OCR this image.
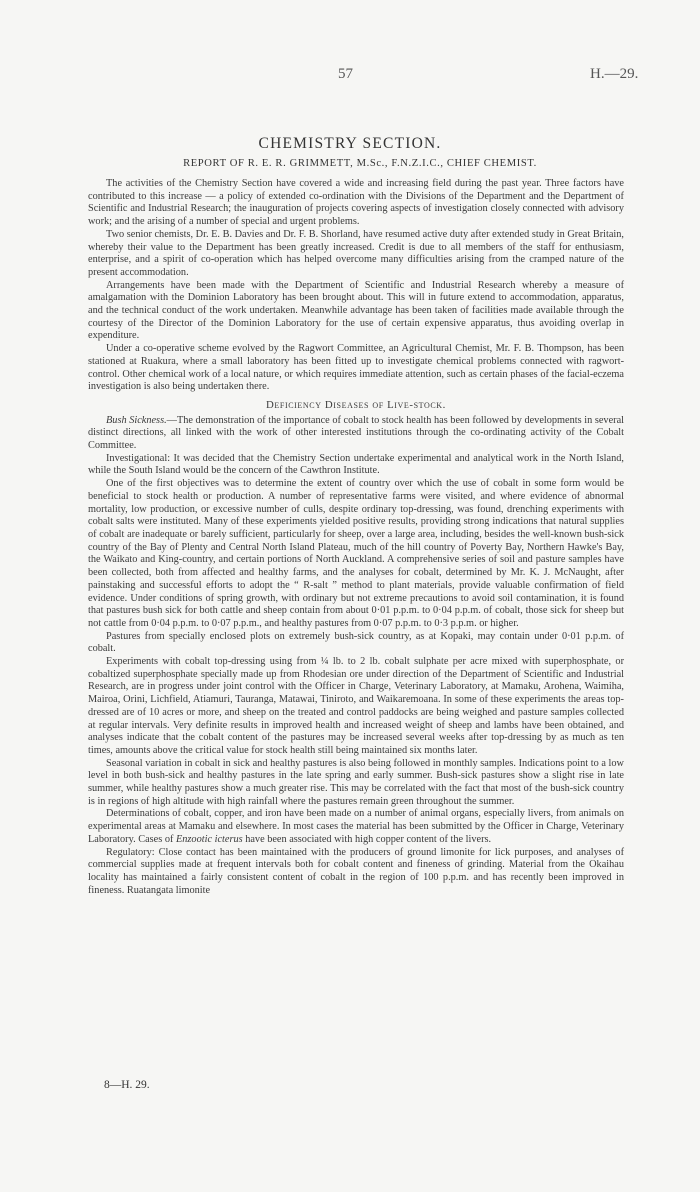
57	H.—29.
CHEMISTRY SECTION.
REPORT OF R. E. R. GRIMMETT, M.Sc., F.N.Z.I.C., CHIEF CHEMIST.

The activities of the Chemistry Section have covered a wide and increasing field during the past year. Three factors have contributed to this increase — a policy of extended co-ordination with the Divisions of the Department and the Department of Scientific and Industrial Research; the inauguration of projects covering aspects of investigation closely connected with advisory work; and the arising of a number of special and urgent problems.

Two senior chemists, Dr. E. B. Davies and Dr. F. B. Shorland, have resumed active duty after extended study in Great Britain, whereby their value to the Department has been greatly increased. Credit is due to all members of the staff for enthusiasm, enterprise, and a spirit of co-operation which has helped overcome many difficulties arising from the cramped nature of the present accommodation.

Arrangements have been made with the Department of Scientific and Industrial Research whereby a measure of amalgamation with the Dominion Laboratory has been brought about. This will in future extend to accommodation, apparatus, and the technical conduct of the work undertaken. Meanwhile advantage has been taken of facilities made available through the courtesy of the Director of the Dominion Laboratory for the use of certain expensive apparatus, thus avoiding overlap in expenditure.

Under a co-operative scheme evolved by the Ragwort Committee, an Agricultural Chemist, Mr. F. B. Thompson, has been stationed at Ruakura, where a small laboratory has been fitted up to investigate chemical problems connected with ragwort-control. Other chemical work of a local nature, or which requires immediate attention, such as certain phases of the facial-eczema investigation is also being undertaken there.

Deficiency Diseases of Live-stock.

Bush Sickness.—The demonstration of the importance of cobalt to stock health has been followed by developments in several distinct directions, all linked with the work of other interested institutions through the co-ordinating activity of the Cobalt Committee.

Investigational: It was decided that the Chemistry Section undertake experimental and analytical work in the North Island, while the South Island would be the concern of the Cawthron Institute.

One of the first objectives was to determine the extent of country over which the use of cobalt in some form would be beneficial to stock health or production. A number of representative farms were visited, and where evidence of abnormal mortality, low production, or excessive number of culls, despite ordinary top-dressing, was found, drenching experiments with cobalt salts were instituted. Many of these experiments yielded positive results, providing strong indications that natural supplies of cobalt are inadequate or barely sufficient, particularly for sheep, over a large area, including, besides the well-known bush-sick country of the Bay of Plenty and Central North Island Plateau, much of the hill country of Poverty Bay, Northern Hawke's Bay, the Waikato and King-country, and certain portions of North Auckland. A comprehensive series of soil and pasture samples have been collected, both from affected and healthy farms, and the analyses for cobalt, determined by Mr. K. J. McNaught, after painstaking and successful efforts to adopt the “ R-salt ” method to plant materials, provide valuable confirmation of field evidence. Under conditions of spring growth, with ordinary but not extreme precautions to avoid soil contamination, it is found that pastures bush sick for both cattle and sheep contain from about 0·01 p.p.m. to 0·04 p.p.m. of cobalt, those sick for sheep but not cattle from 0·04 p.p.m. to 0·07 p.p.m., and healthy pastures from 0·07 p.p.m. to 0·3 p.p.m. or higher.

Pastures from specially enclosed plots on extremely bush-sick country, as at Kopaki, may contain under 0·01 p.p.m. of cobalt.

Experiments with cobalt top-dressing using from ¼ lb. to 2 lb. cobalt sulphate per acre mixed with superphosphate, or cobaltized superphosphate specially made up from Rhodesian ore under direction of the Department of Scientific and Industrial Research, are in progress under joint control with the Officer in Charge, Veterinary Laboratory, at Mamaku, Arohena, Waimiha, Mairoa, Orini, Lichfield, Atiamuri, Tauranga, Matawai, Tiniroto, and Waikaremoana. In some of these experiments the areas top-dressed are of 10 acres or more, and sheep on the treated and control paddocks are being weighed and pasture samples collected at regular intervals. Very definite results in improved health and increased weight of sheep and lambs have been obtained, and analyses indicate that the cobalt content of the pastures may be increased several weeks after top-dressing by as much as ten times, amounts above the critical value for stock health still being maintained six months later.

Seasonal variation in cobalt in sick and healthy pastures is also being followed in monthly samples. Indications point to a low level in both bush-sick and healthy pastures in the late spring and early summer. Bush-sick pastures show a slight rise in late summer, while healthy pastures show a much greater rise. This may be correlated with the fact that most of the bush-sick country is in regions of high altitude with high rainfall where the pastures remain green throughout the summer.

Determinations of cobalt, copper, and iron have been made on a number of animal organs, especially livers, from animals on experimental areas at Mamaku and elsewhere. In most cases the material has been submitted by the Officer in Charge, Veterinary Laboratory. Cases of Enzootic icterus have been associated with high copper content of the livers.

Regulatory: Close contact has been maintained with the producers of ground limonite for lick purposes, and analyses of commercial supplies made at frequent intervals both for cobalt content and fineness of grinding. Material from the Okaihau locality has maintained a fairly consistent content of cobalt in the region of 100 p.p.m. and has recently been improved in fineness. Ruatangata limonite

8—H. 29.
